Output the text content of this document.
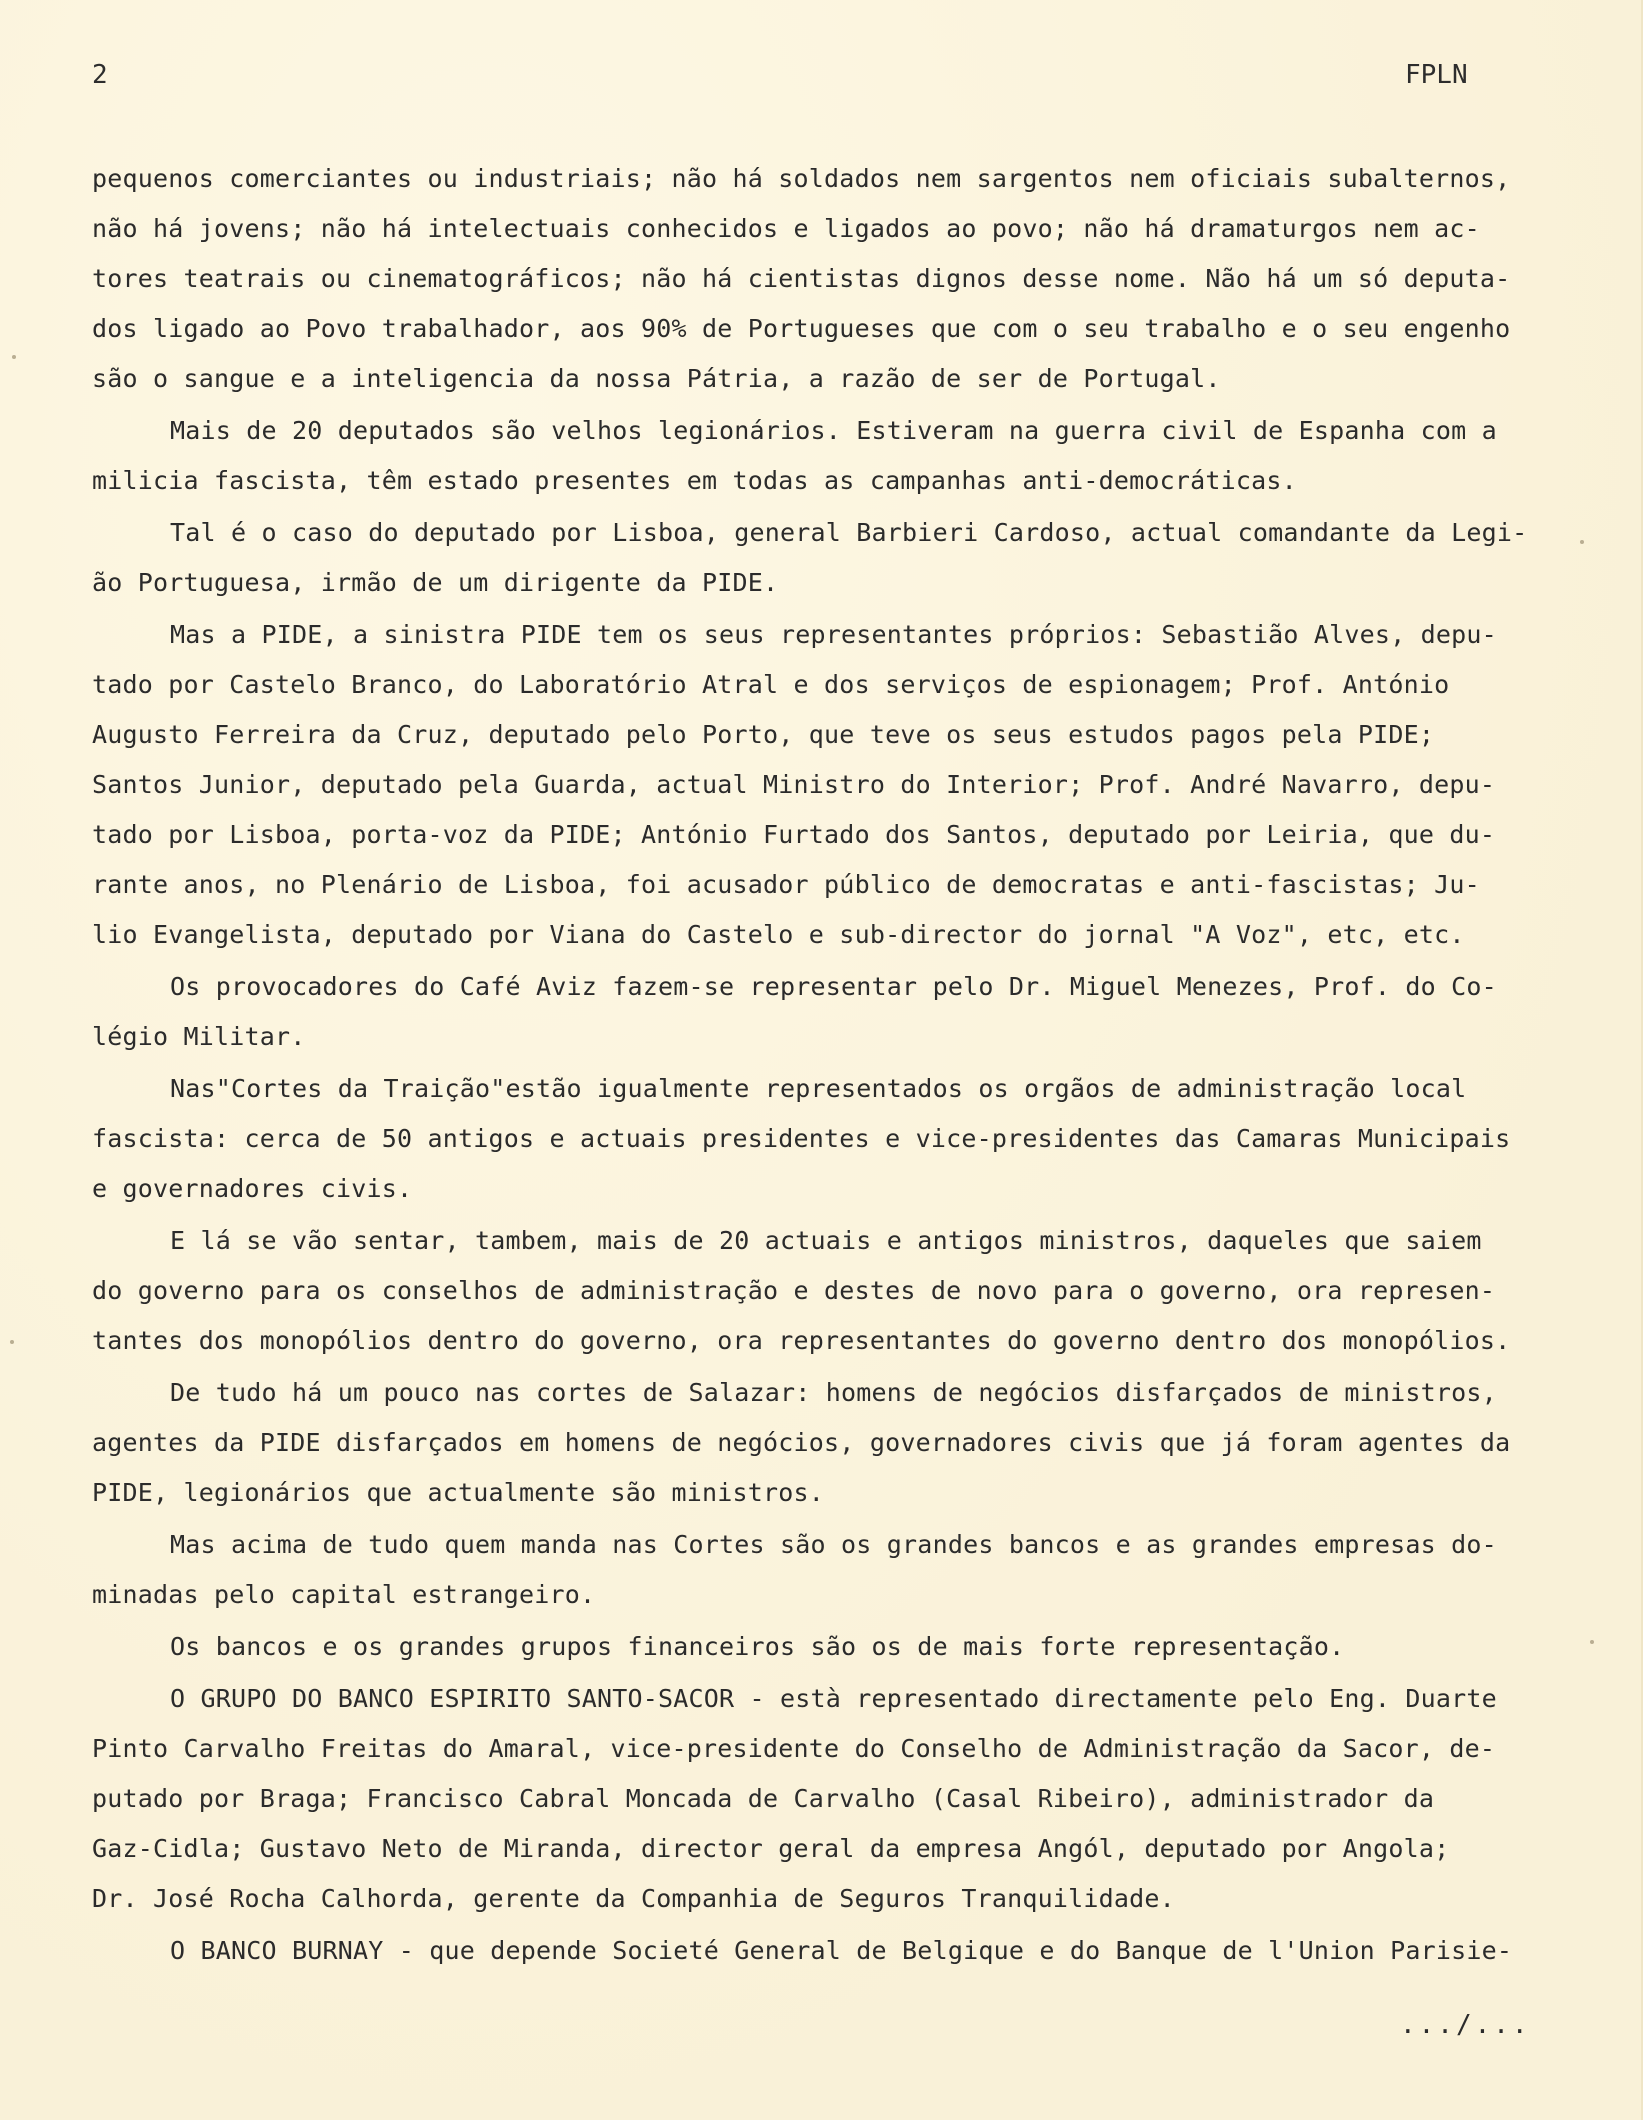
2	FPLN
pequenos comerciantes ou industriais; não há soldados nem sargentos nem oficiais subalternos,
não há jovens; não há intelectuais conhecidos e ligados ao povo; não há dramaturgos nem ac-
tores teatrais ou cinematográficos; não há cientistas dignos desse nome. Não há um só deputa-
dos ligado ao Povo trabalhador, aos 90% de Portugueses que com o seu trabalho e o seu engenho
são o sangue e a inteligencia da nossa Pátria, a razão de ser de Portugal.
Mais de 20 deputados são velhos legionários. Estiveram na guerra civil de Espanha com a
milicia fascista, têm estado presentes em todas as campanhas anti-democráticas.
Tal é o caso do deputado por Lisboa, general Barbieri Cardoso, actual comandante da Legi-
ão Portuguesa, irmão de um dirigente da PIDE.
Mas a PIDE, a sinistra PIDE tem os seus representantes próprios: Sebastião Alves, depu-
tado por Castelo Branco, do Laboratório Atral e dos serviços de espionagem; Prof. António
Augusto Ferreira da Cruz, deputado pelo Porto, que teve os seus estudos pagos pela PIDE;
Santos Junior, deputado pela Guarda, actual Ministro do Interior; Prof. André Navarro, depu-
tado por Lisboa, porta-voz da PIDE; António Furtado dos Santos, deputado por Leiria, que du-
rante anos, no Plenário de Lisboa, foi acusador público de democratas e anti-fascistas; Ju-
lio Evangelista, deputado por Viana do Castelo e sub-director do jornal "A Voz", etc, etc.
Os provocadores do Café Aviz fazem-se representar pelo Dr. Miguel Menezes, Prof. do Co-
légio Militar.
Nas"Cortes da Traição"estão igualmente representados os orgãos de administração local
fascista: cerca de 50 antigos e actuais presidentes e vice-presidentes das Camaras Municipais
e governadores civis.
E lá se vão sentar, tambem, mais de 20 actuais e antigos ministros, daqueles que saiem
do governo para os conselhos de administração e destes de novo para o governo, ora represen-
tantes dos monopólios dentro do governo, ora representantes do governo dentro dos monopólios.
De tudo há um pouco nas cortes de Salazar: homens de negócios disfarçados de ministros,
agentes da PIDE disfarçados em homens de negócios, governadores civis que já foram agentes da
PIDE, legionários que actualmente são ministros.
Mas acima de tudo quem manda nas Cortes são os grandes bancos e as grandes empresas do-
minadas pelo capital estrangeiro.
Os bancos e os grandes grupos financeiros são os de mais forte representação.
O GRUPO DO BANCO ESPIRITO SANTO-SACOR - està representado directamente pelo Eng. Duarte
Pinto Carvalho Freitas do Amaral, vice-presidente do Conselho de Administração da Sacor, de-
putado por Braga; Francisco Cabral Moncada de Carvalho (Casal Ribeiro), administrador da
Gaz-Cidla; Gustavo Neto de Miranda, director geral da empresa Angól, deputado por Angola;
Dr. José Rocha Calhorda, gerente da Companhia de Seguros Tranquilidade.
O BANCO BURNAY - que depende Societé General de Belgique e do Banque de l'Union Parisie-
.../...
